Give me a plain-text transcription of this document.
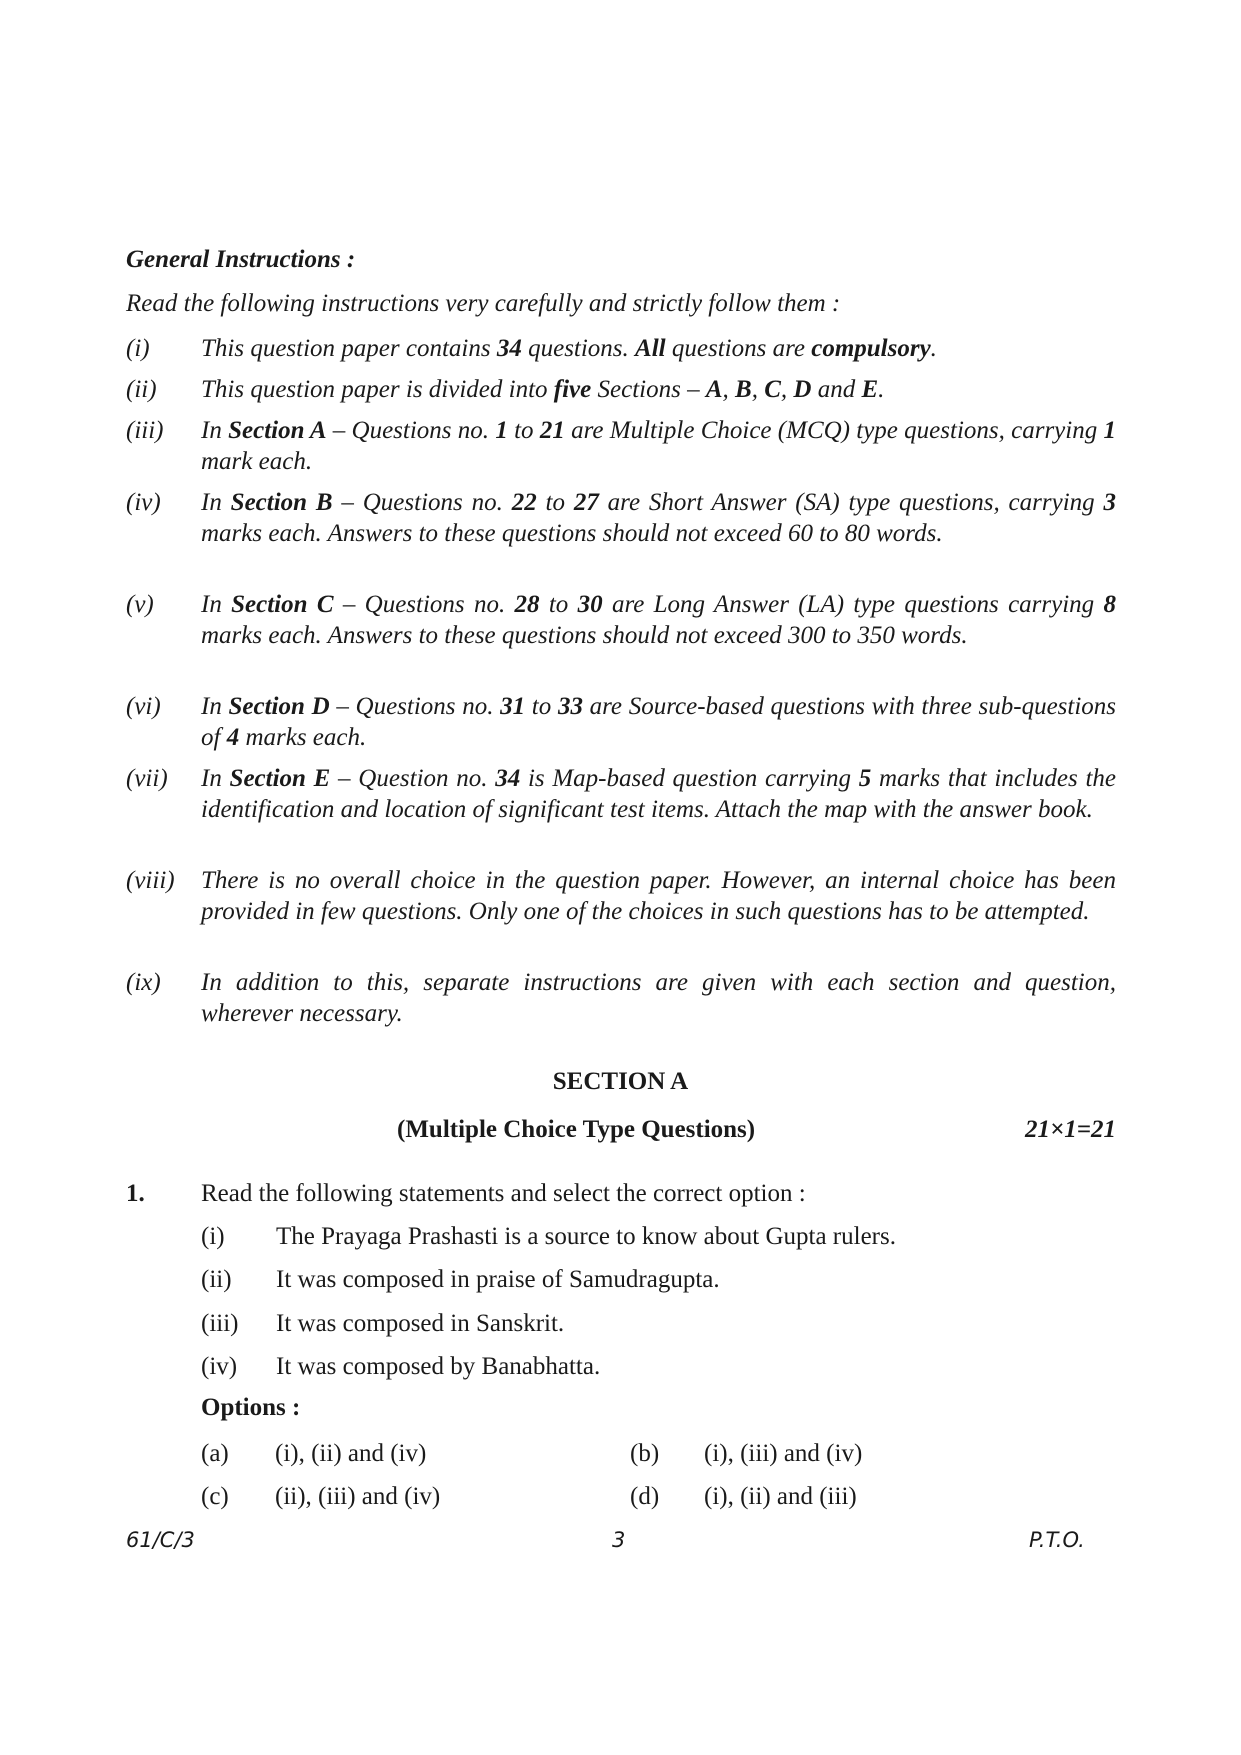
General Instructions :
Read the following instructions very carefully and strictly follow them :
(i) This question paper contains 34 questions. All questions are compulsory.
(ii) This question paper is divided into five Sections – A, B, C, D and E.
(iii) In Section A – Questions no. 1 to 21 are Multiple Choice (MCQ) type questions, carrying 1 mark each.
(iv) In Section B – Questions no. 22 to 27 are Short Answer (SA) type questions, carrying 3 marks each. Answers to these questions should not exceed 60 to 80 words.
(v) In Section C – Questions no. 28 to 30 are Long Answer (LA) type questions carrying 8 marks each. Answers to these questions should not exceed 300 to 350 words.
(vi) In Section D – Questions no. 31 to 33 are Source-based questions with three sub-questions of 4 marks each.
(vii) In Section E – Question no. 34 is Map-based question carrying 5 marks that includes the identification and location of significant test items. Attach the map with the answer book.
(viii) There is no overall choice in the question paper. However, an internal choice has been provided in few questions. Only one of the choices in such questions has to be attempted.
(ix) In addition to this, separate instructions are given with each section and question, wherever necessary.
SECTION A
(Multiple Choice Type Questions)	21×1=21
1. Read the following statements and select the correct option :
(i) The Prayaga Prashasti is a source to know about Gupta rulers.
(ii) It was composed in praise of Samudragupta.
(iii) It was composed in Sanskrit.
(iv) It was composed by Banabhatta.
Options :
(a) (i), (ii) and (iv)	(b) (i), (iii) and (iv)
(c) (ii), (iii) and (iv)	(d) (i), (ii) and (iii)
61/C/3	3	P.T.O.
